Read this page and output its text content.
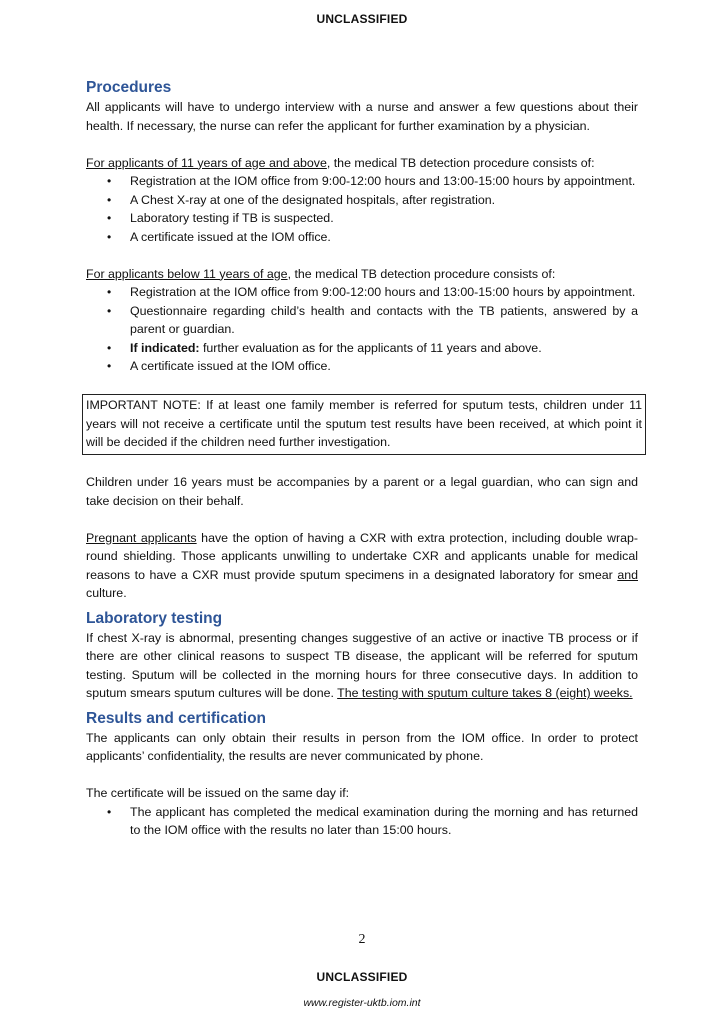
UNCLASSIFIED
Procedures

All applicants will have to undergo interview with a nurse and answer a few questions about their health. If necessary, the nurse can refer the applicant for further examination by a physician.

For applicants of 11 years of age and above, the medical TB detection procedure consists of:

• Registration at the IOM office from 9:00-12:00 hours and 13:00-15:00 hours by appointment.
• A Chest X-ray at one of the designated hospitals, after registration.
• Laboratory testing if TB is suspected.
• A certificate issued at the IOM office.

For applicants below 11 years of age, the medical TB detection procedure consists of:

• Registration at the IOM office from 9:00-12:00 hours and 13:00-15:00 hours by appointment.
• Questionnaire regarding child’s health and contacts with the TB patients, answered by a parent or guardian.
• If indicated: further evaluation as for the applicants of 11 years and above.
• A certificate issued at the IOM office.
IMPORTANT NOTE: If at least one family member is referred for sputum tests, children under 11 years will not receive a certificate until the sputum test results have been received, at which point it will be decided if the children need further investigation.

Children under 16 years must be accompanies by a parent or a legal guardian, who can sign and take decision on their behalf.

Pregnant applicants have the option of having a CXR with extra protection, including double wrap-round shielding. Those applicants unwilling to undertake CXR and applicants unable for medical reasons to have a CXR must provide sputum specimens in a designated laboratory for smear and culture.

Laboratory testing

If chest X-ray is abnormal, presenting changes suggestive of an active or inactive TB process or if there are other clinical reasons to suspect TB disease, the applicant will be referred for sputum testing. Sputum will be collected in the morning hours for three consecutive days. In addition to sputum smears sputum cultures will be done. The testing with sputum culture takes 8 (eight) weeks.

Results and certification

The applicants can only obtain their results in person from the IOM office. In order to protect applicants’ confidentiality, the results are never communicated by phone.

The certificate will be issued on the same day if:

• The applicant has completed the medical examination during the morning and has returned to the IOM office with the results no later than 15:00 hours.
2
UNCLASSIFIED
www.register-uktb.iom.int
